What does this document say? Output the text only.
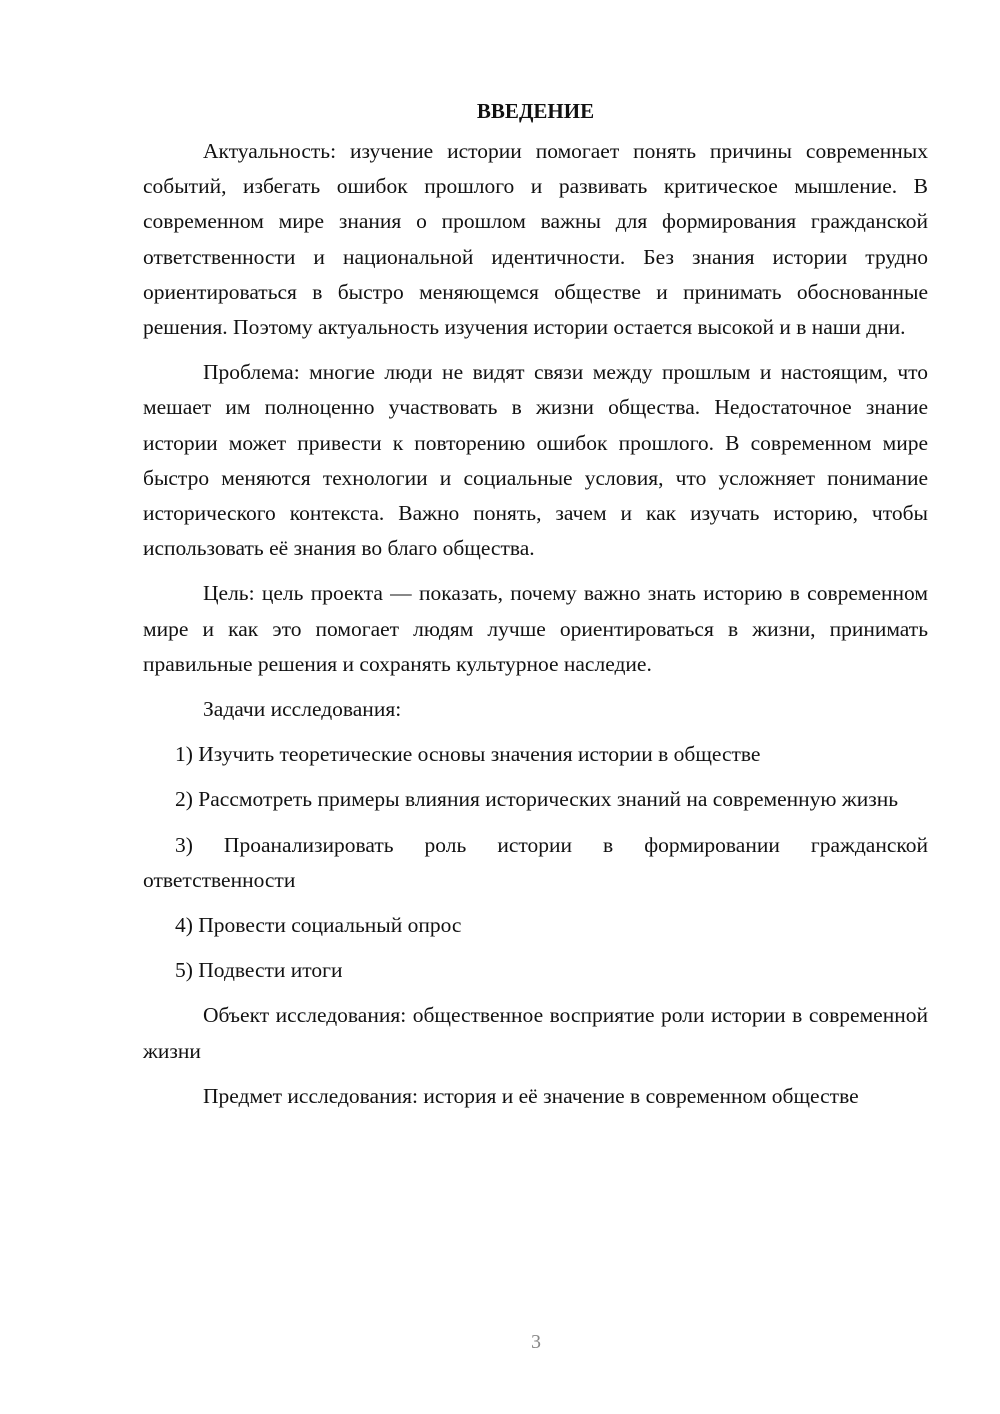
ВВЕДЕНИЕ

Актуальность: изучение истории помогает понять причины современных событий, избегать ошибок прошлого и развивать критическое мышление. В современном мире знания о прошлом важны для формирования гражданской ответственности и национальной идентичности. Без знания истории трудно ориентироваться в быстро меняющемся обществе и принимать обоснованные решения. Поэтому актуальность изучения истории остается высокой и в наши дни.

Проблема: многие люди не видят связи между прошлым и настоящим, что мешает им полноценно участвовать в жизни общества. Недостаточное знание истории может привести к повторению ошибок прошлого. В современном мире быстро меняются технологии и социальные условия, что усложняет понимание исторического контекста. Важно понять, зачем и как изучать историю, чтобы использовать её знания во благо общества.

Цель: цель проекта — показать, почему важно знать историю в современном мире и как это помогает людям лучше ориентироваться в жизни, принимать правильные решения и сохранять культурное наследие.

Задачи исследования:

1) Изучить теоретические основы значения истории в обществе

2) Рассмотреть примеры влияния исторических знаний на современную жизнь

3) Проанализировать роль истории в формировании гражданской ответственности

4) Провести социальный опрос

5) Подвести итоги

Объект исследования: общественное восприятие роли истории в современной жизни

Предмет исследования: история и её значение в современном обществе

3
